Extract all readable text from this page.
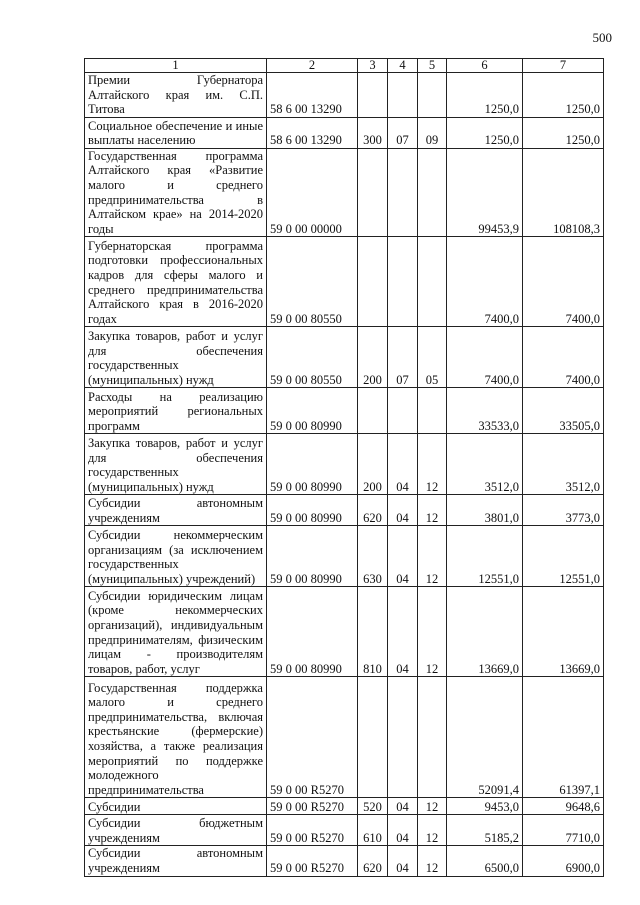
500
1	2	3	4	5	6	7
Премии Губернатора Алтайского края им. С.П. Титова	58 6 00 13290				1250,0	1250,0
Социальное обеспечение и иные выплаты населению	58 6 00 13290	300	07	09	1250,0	1250,0
Государственная программа Алтайского края «Развитие малого и среднего предпринимательства в Алтайском крае» на 2014-2020 годы	59 0 00 00000				99453,9	108108,3
Губернаторская программа подготовки профессиональных кадров для сферы малого и среднего предпринимательства Алтайского края в 2016-2020 годах	59 0 00 80550				7400,0	7400,0
Закупка товаров, работ и услуг для обеспечения государственных (муниципальных) нужд	59 0 00 80550	200	07	05	7400,0	7400,0
Расходы на реализацию мероприятий региональных программ	59 0 00 80990				33533,0	33505,0
Закупка товаров, работ и услуг для обеспечения государственных (муниципальных) нужд	59 0 00 80990	200	04	12	3512,0	3512,0
Субсидии автономным учреждениям	59 0 00 80990	620	04	12	3801,0	3773,0
Субсидии некоммерческим организациям (за исключением государственных (муниципальных) учреждений)	59 0 00 80990	630	04	12	12551,0	12551,0
Субсидии юридическим лицам (кроме некоммерческих организаций), индивидуальным предпринимателям, физическим лицам - производителям товаров, работ, услуг	59 0 00 80990	810	04	12	13669,0	13669,0
Государственная поддержка малого и среднего предпринимательства, включая крестьянские (фермерские) хозяйства, а также реализация мероприятий по поддержке молодежного предпринимательства	59 0 00 R5270				52091,4	61397,1
Субсидии	59 0 00 R5270	520	04	12	9453,0	9648,6
Субсидии бюджетным учреждениям	59 0 00 R5270	610	04	12	5185,2	7710,0
Субсидии автономным учреждениям	59 0 00 R5270	620	04	12	6500,0	6900,0
